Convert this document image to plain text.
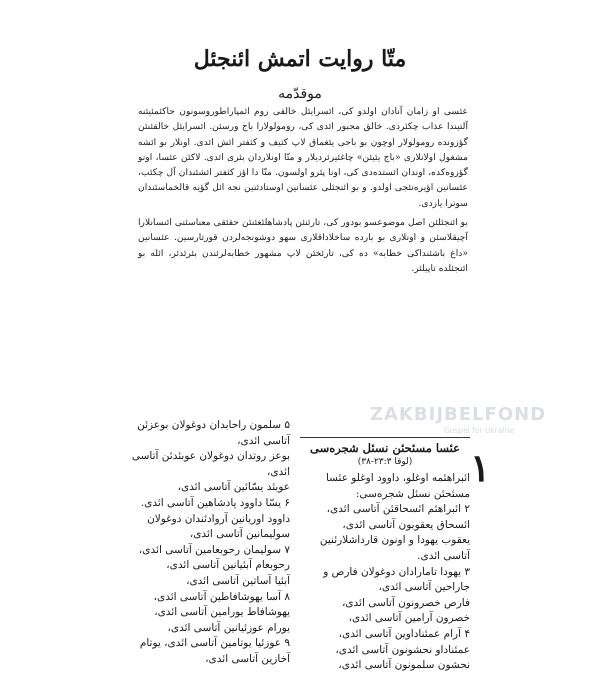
متّا روايت اتمش ائنجئل
موقدّمه

عئسی او زامان آنادان اولدو کی، ائسرايئل خالقی روم ائمپاراطورو‌سونون حاکئمئيئنه آلتیندا عذاب چکئردی. خالق مجبور ائدی کی، رومولولارا باج ورسئن. ائسرايئل خالقئنئن گؤزونده رومولولار اوچون بو باجی يئغماق لاپ کثيف و کثفتر ائش ائدی. اونلار بو ائشه مشغول اولانلاری «باج يئيئن» چاغئيرئرديلار و متّا اونلاردان بئری ائدی. لاکئن عئسا، اونو گؤزوه‌کده، اوندان ائستده‌دی کی، اونا پئرو اولسون. متّا دا اؤز کثفتر ائشئندان آل چکئب، عئسانین اؤيره‌نئجی اولدو. و بو ائنجئلی عئسانين اوستادئنين نجه ائل گؤيه قالخماسئندان سونرا يازدی.

بو ائنجئلئن اصل موضوعسو بودور کی، تارئنئن پادشاهلئغئنئن حقئقی معناسئنی ائنسانلارا آچیقلاسئن و اونلاری بو بارده ساخلاداقلاری سهو دوشونجه‌لردن قورتارسین. عئسانین «داغ باشئنداکی خطابه» ده کی، تارئخئن لاپ مشهور خطابه‌لرئندن بئرئدئر، ائله بو ائنجئلده تاپيلئر.

ZAKBIJBELFOND
Gospel for Ukraine
۱

عئسا مسئحئن نسئل شجره‌سی

(لوقا ۲۳:۳-۳۸)

ائبراهئمه اوغلو، داوود اوغلو عئسا
مسئحئن نسئل شجره‌سی:
۲ ائبراهئم ائسحاقئن آتاسی ائدی،
ائسحاق يعقوبون آتاسی ائدی،
يعقوب يهودا و اونون قارداشلارئنين
آتاسی ائدی.
۳ يهودا تامارادان دوغولان فارص و
جاراحين آتاسی ائدی،
فارص خصرونون آتاسی ائدی،
خصرون آرامين آتاسی ائدی،
۴ آرام عمئناداوين آتاسی ائدی،
عمئناداو نحشونون آتاسی ائدی،
نحشون سلمونون آتاسی ائدی،
۵ سلمون راحابدان دوغولان بوعزئن
آتاسی ائدی،
بوعز روتدان دوغولان عوبئدئن آتاسی
ائدی،
عوبئد يسّائين آتاسی ائدی،
۶ يسّا داوود پادشاهين آتاسی ائدی.
داوود اوريانين آروادئندان دوغولان
سولیمانين آتاسی ائدی،
۷ سولیمان رحوبعامين آتاسی ائدی،
رحوبعام آبئيانين آتاسی ائدی،
آبئيا آساتين آتاسی ائدی،
۸ آسا يهوشافاطين آتاسی ائدی،
يهوشافاط يورامين آتاسی ائدی،
يورام عوزئيانين آتاسی ائدی،
۹ عوزئيا يوتامين آتاسی ائدی، يوتام
آخازين آتاسی ائدی،
